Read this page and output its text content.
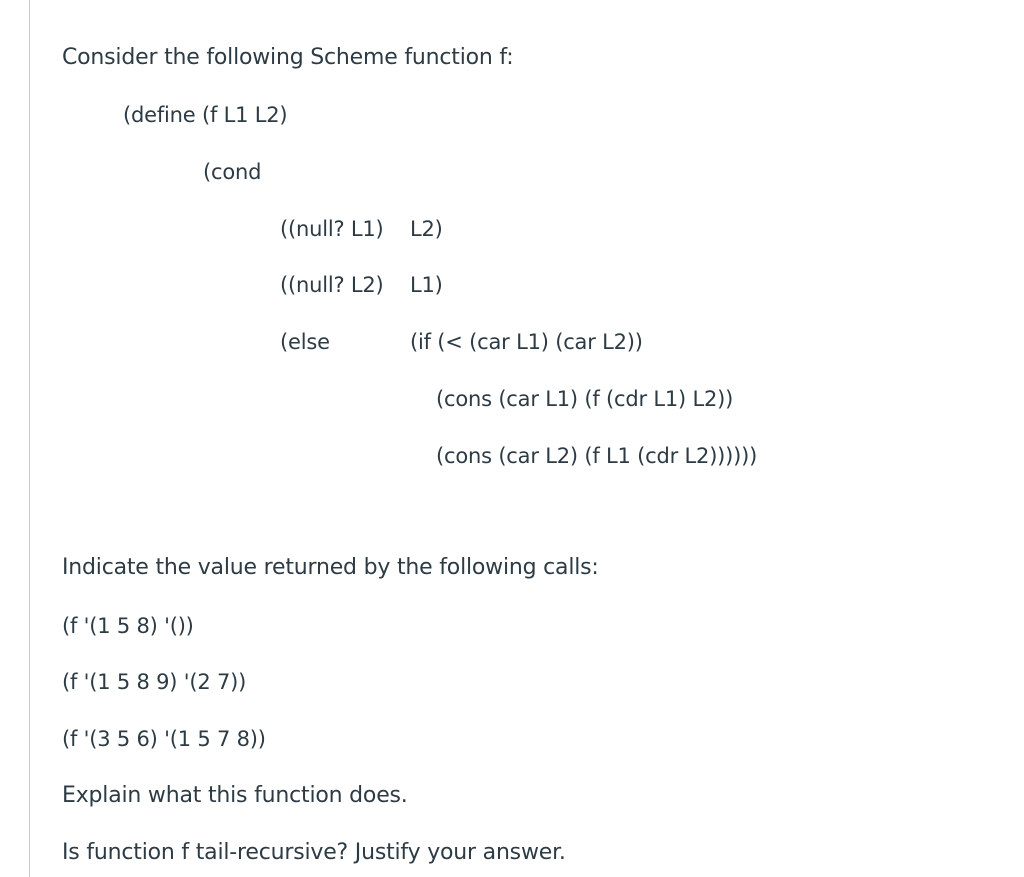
Consider the following Scheme function f:
(define (f L1 L2)
(cond
((null? L1) L2)
((null? L2) L1)
(else	(if (< (car L1) (car L2))
(cons (car L1) (f (cdr L1) L2))
(cons (car L2) (f L1 (cdr L2))))))
Indicate the value returned by the following calls:
(f '(1 5 8) '())
(f '(1 5 8 9) '(2 7))
(f '(3 5 6) '(1 5 7 8))
Explain what this function does.
Is function f tail-recursive? Justify your answer.
